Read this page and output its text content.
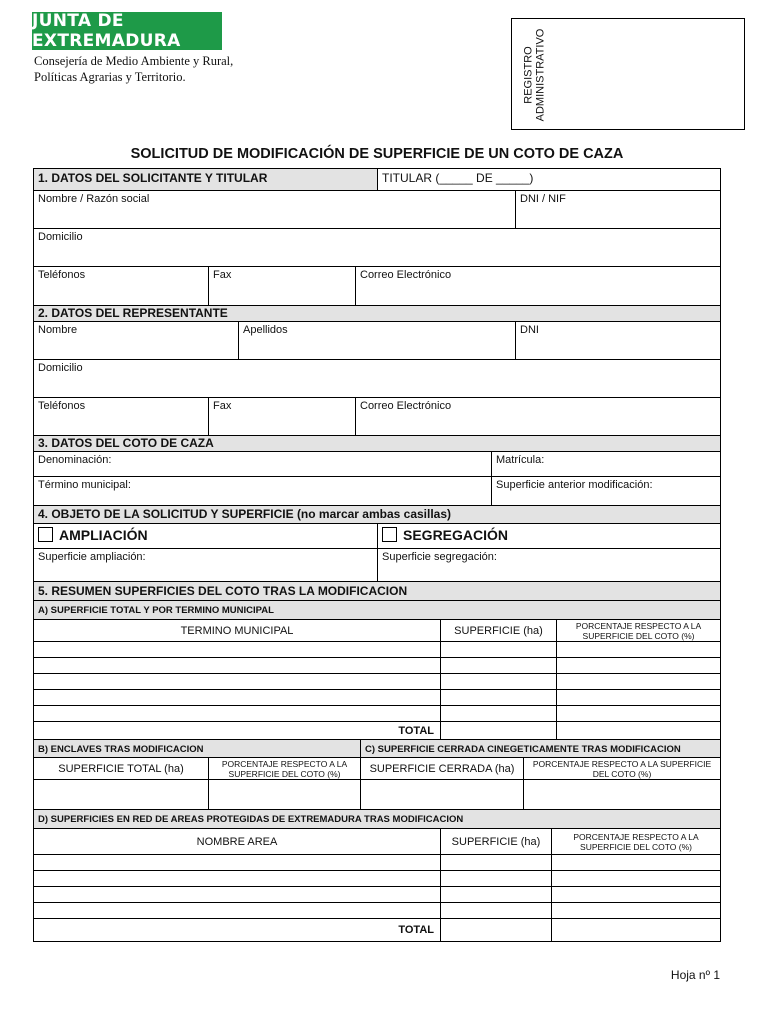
JUNTA DE EXTREMADURA
Consejería de Medio Ambiente y Rural,
Políticas Agrarias y Territorio.	REGISTRO ADMINISTRATIVO
SOLICITUD DE MODIFICACIÓN DE SUPERFICIE DE UN COTO DE CAZA
1. DATOS DEL SOLICITANTE Y TITULAR	TITULAR (_____ DE _____)
Nombre / Razón social	DNI / NIF
Domicilio
Teléfonos	Fax	Correo Electrónico
2. DATOS DEL REPRESENTANTE
Nombre	Apellidos	DNI
Domicilio
Teléfonos	Fax	Correo Electrónico
3. DATOS DEL COTO DE CAZA
Denominación:	Matrícula:
Término municipal:	Superficie anterior modificación:
4. OBJETO DE LA SOLICITUD Y SUPERFICIE (no marcar ambas casillas)
AMPLIACIÓN	SEGREGACIÓN
Superficie ampliación:	Superficie segregación:
5. RESUMEN SUPERFICIES DEL COTO TRAS LA MODIFICACION
A) SUPERFICIE TOTAL Y POR TERMINO MUNICIPAL
TERMINO MUNICIPAL	SUPERFICIE (ha)	PORCENTAJE RESPECTO A LA SUPERFICIE DEL COTO (%)
TOTAL
B) ENCLAVES TRAS MODIFICACION	C) SUPERFICIE CERRADA CINEGETICAMENTE TRAS MODIFICACION
SUPERFICIE TOTAL (ha)	PORCENTAJE RESPECTO A LA SUPERFICIE DEL COTO (%)	SUPERFICIE CERRADA (ha)	PORCENTAJE RESPECTO A LA SUPERFICIE DEL COTO (%)
D) SUPERFICIES EN RED DE AREAS PROTEGIDAS DE EXTREMADURA TRAS MODIFICACION
NOMBRE AREA	SUPERFICIE (ha)	PORCENTAJE RESPECTO A LA SUPERFICIE DEL COTO (%)
TOTAL
Hoja nº 1
